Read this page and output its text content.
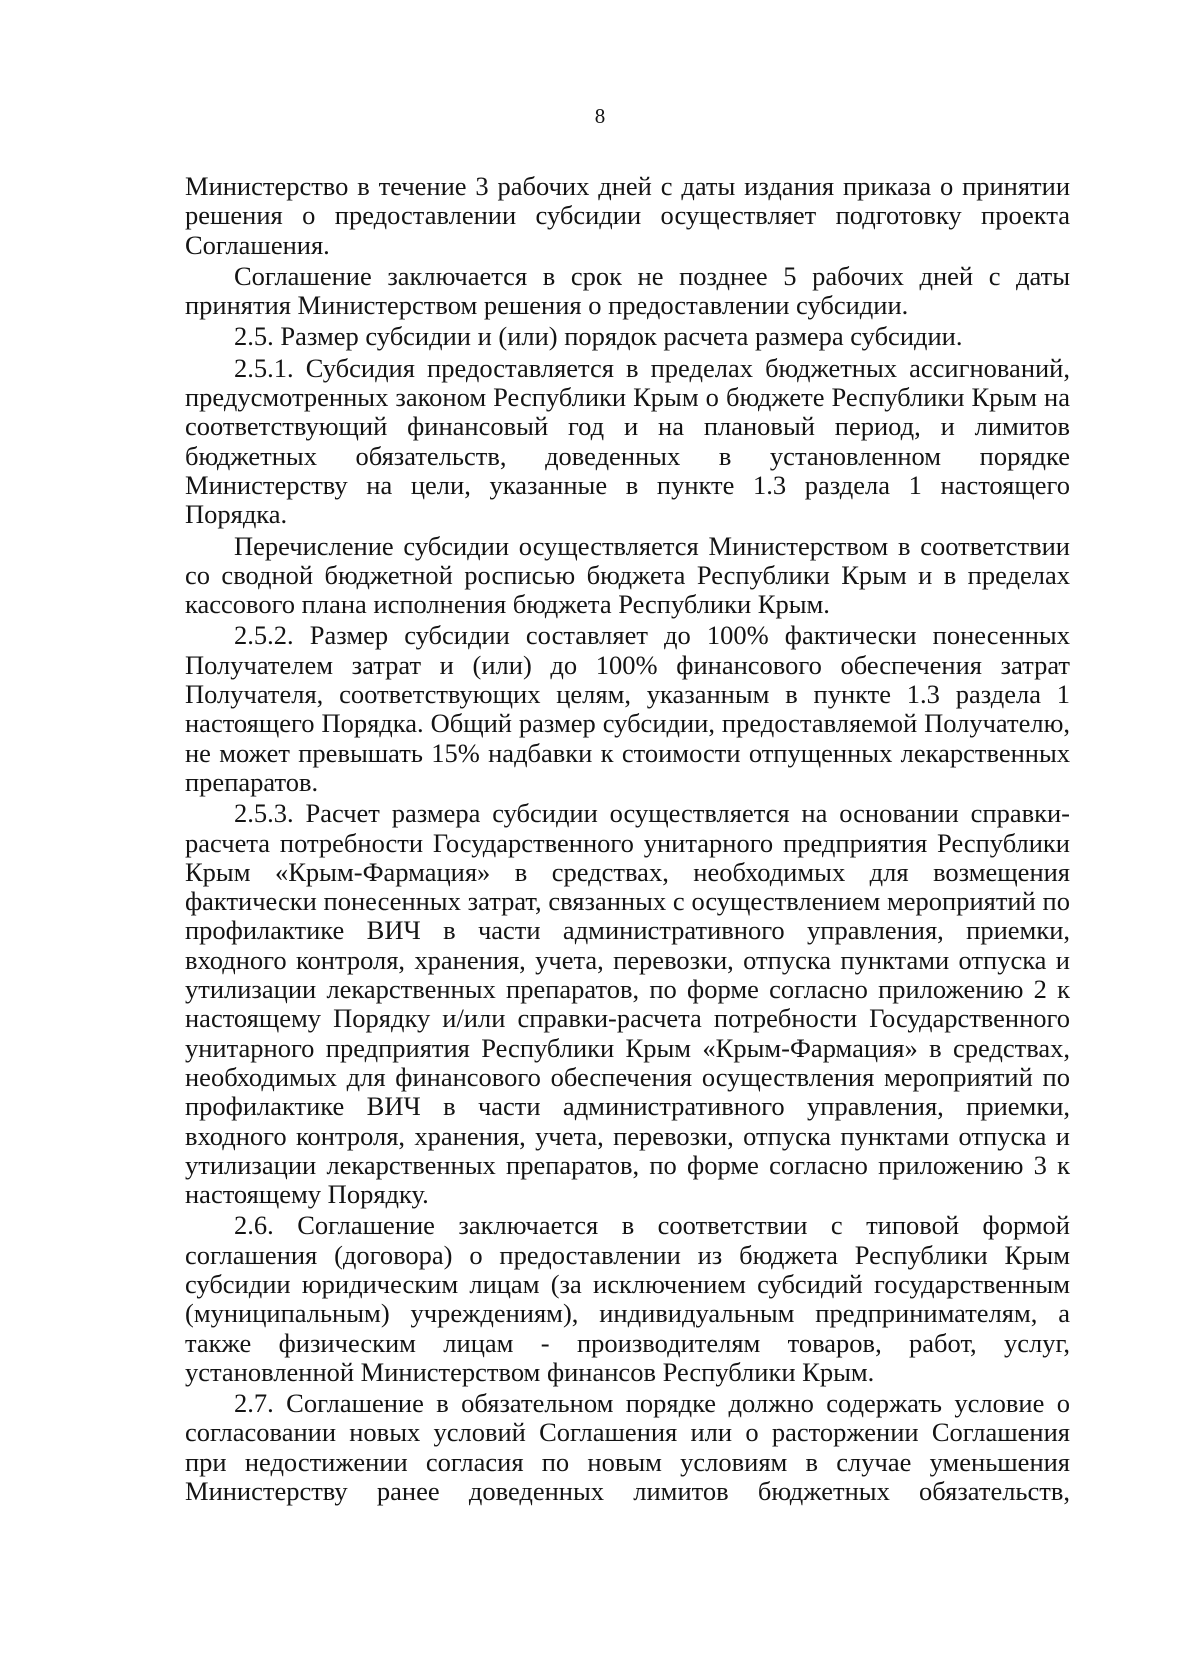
8

Министерство в течение 3 рабочих дней с даты издания приказа о принятии решения о предоставлении субсидии осуществляет подготовку проекта Соглашения.

Соглашение заключается в срок не позднее 5 рабочих дней с даты принятия Министерством решения о предоставлении субсидии.

2.5. Размер субсидии и (или) порядок расчета размера субсидии.

2.5.1. Субсидия предоставляется в пределах бюджетных ассигнований, предусмотренных законом Республики Крым о бюджете Республики Крым на соответствующий финансовый год и на плановый период, и лимитов бюджетных обязательств, доведенных в установленном порядке Министерству на цели, указанные в пункте 1.3 раздела 1 настоящего Порядка.

Перечисление субсидии осуществляется Министерством в соответствии со сводной бюджетной росписью бюджета Республики Крым и в пределах кассового плана исполнения бюджета Республики Крым.

2.5.2. Размер субсидии составляет до 100% фактически понесенных Получателем затрат и (или) до 100% финансового обеспечения затрат Получателя, соответствующих целям, указанным в пункте 1.3 раздела 1 настоящего Порядка. Общий размер субсидии, предоставляемой Получателю, не может превышать 15% надбавки к стоимости отпущенных лекарственных препаратов.

2.5.3. Расчет размера субсидии осуществляется на основании справки-расчета потребности Государственного унитарного предприятия Республики Крым «Крым-Фармация» в средствах, необходимых для возмещения фактически понесенных затрат, связанных с осуществлением мероприятий по профилактике ВИЧ в части административного управления, приемки, входного контроля, хранения, учета, перевозки, отпуска пунктами отпуска и утилизации лекарственных препаратов, по форме согласно приложению 2 к настоящему Порядку и/или справки-расчета потребности Государственного унитарного предприятия Республики Крым «Крым-Фармация» в средствах, необходимых для финансового обеспечения осуществления мероприятий по профилактике ВИЧ в части административного управления, приемки, входного контроля, хранения, учета, перевозки, отпуска пунктами отпуска и утилизации лекарственных препаратов, по форме согласно приложению 3 к настоящему Порядку.

2.6. Соглашение заключается в соответствии с типовой формой соглашения (договора) о предоставлении из бюджета Республики Крым субсидии юридическим лицам (за исключением субсидий государственным (муниципальным) учреждениям), индивидуальным предпринимателям, а также физическим лицам - производителям товаров, работ, услуг, установленной Министерством финансов Республики Крым.

2.7. Соглашение в обязательном порядке должно содержать условие о согласовании новых условий Соглашения или о расторжении Соглашения при недостижении согласия по новым условиям в случае уменьшения Министерству ранее доведенных лимитов бюджетных обязательств,
